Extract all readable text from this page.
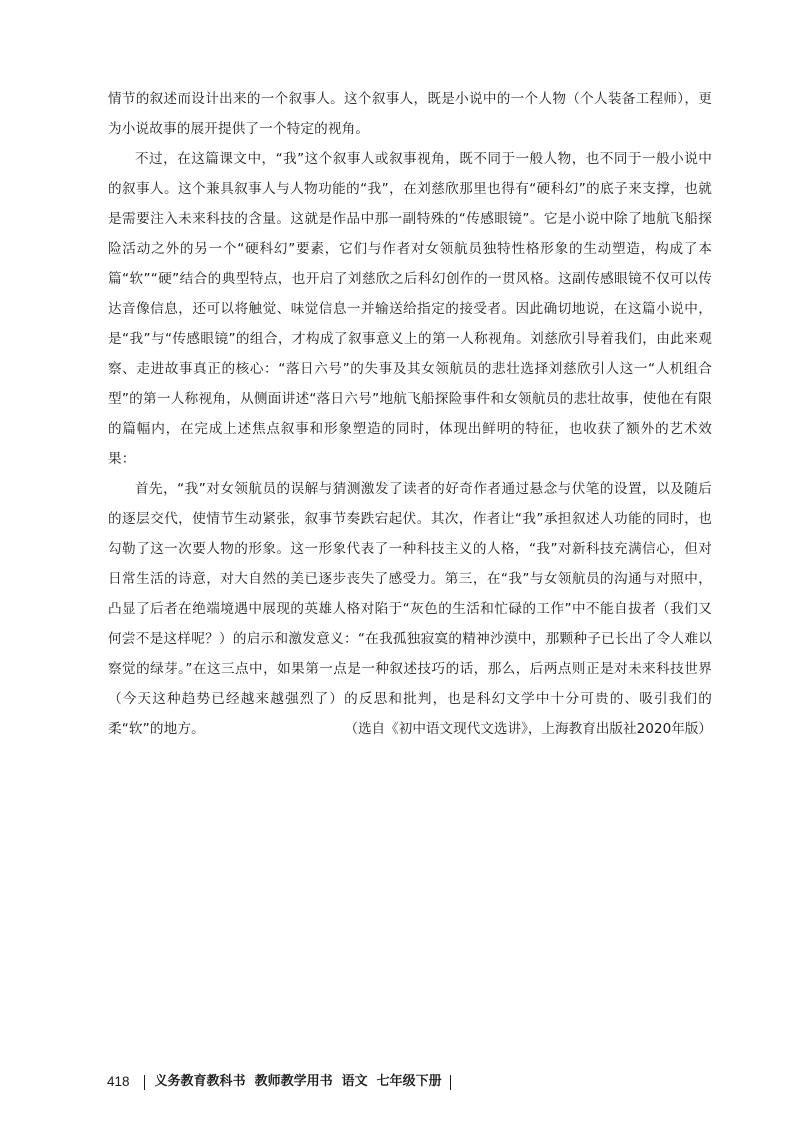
情节的叙述而设计出来的一个叙事人。这个叙事人，既是小说中的一个人物（个人装备工程师），更为小说故事的展开提供了一个特定的视角。

不过，在这篇课文中，“我”这个叙事人或叙事视角，既不同于一般人物，也不同于一般小说中的叙事人。这个兼具叙事人与人物功能的“我”，在刘慈欣那里也得有“硬科幻”的底子来支撑，也就是需要注入未来科技的含量。这就是作品中那一副特殊的“传感眼镜”。它是小说中除了地航飞船探险活动之外的另一个“硬科幻”要素，它们与作者对女领航员独特性格形象的生动塑造，构成了本篇“软”“硬”结合的典型特点，也开启了刘慈欣之后科幻创作的一贯风格。这副传感眼镜不仅可以传达音像信息，还可以将触觉、味觉信息一并输送给指定的接受者。因此确切地说，在这篇小说中，是“我”与“传感眼镜”的组合，才构成了叙事意义上的第一人称视角。刘慈欣引导着我们，由此来观察、走进故事真正的核心：“落日六号”的失事及其女领航员的悲壮选择刘慈欣引人这一“人机组合型”的第一人称视角，从侧面讲述“落日六号”地航飞船探险事件和女领航员的悲壮故事，使他在有限的篇幅内，在完成上述焦点叙事和形象塑造的同时，体现出鲜明的特征，也收获了额外的艺术效果：

首先，“我”对女领航员的误解与猜测激发了读者的好奇作者通过悬念与伏笔的设置，以及随后的逐层交代，使情节生动紧张，叙事节奏跌宕起伏。其次，作者让“我”承担叙述人功能的同时，也勾勒了这一次要人物的形象。这一形象代表了一种科技主义的人格，“我”对新科技充满信心，但对日常生活的诗意，对大自然的美已逐步丧失了感受力。第三，在“我”与女领航员的沟通与对照中，凸显了后者在绝端境遇中展现的英雄人格对陷于“灰色的生活和忙碌的工作”中不能自拔者（我们又何尝不是这样呢？）的启示和激发意义：“在我孤独寂寞的精神沙漠中，那颗种子已长出了令人难以察觉的绿芽。”在这三点中，如果第一点是一种叙述技巧的话，那么，后两点则正是对未来科技世界（今天这种趋势已经越来越强烈了）的反思和批判，也是科幻文学中十分可贵的、吸引我们的柔“软”的地方。	（选自《初中语文现代文选讲》，上海教育出版社2020年版）
418 义务教育教科书  教师教学用书  语文  七年级下册
